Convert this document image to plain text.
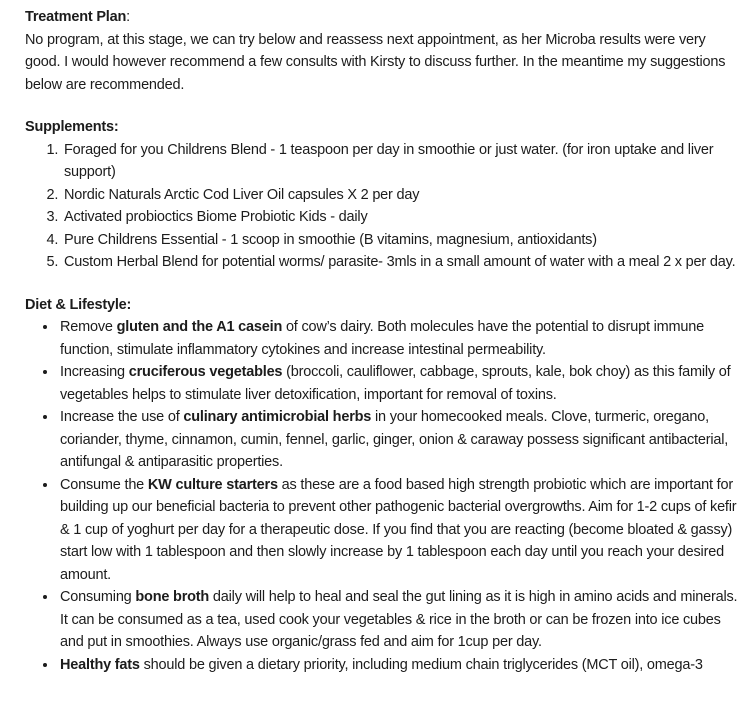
Treatment Plan:

No program, at this stage, we can try below and reassess next appointment, as her Microba results were very good. I would however recommend a few consults with Kirsty to discuss further. In the meantime my suggestions below are recommended.

Supplements:
1. Foraged for you Childrens Blend - 1 teaspoon per day in smoothie or just water. (for iron uptake and liver support)
2. Nordic Naturals Arctic Cod Liver Oil capsules X 2 per day
3. Activated probioctics Biome Probiotic Kids - daily
4. Pure Childrens Essential - 1 scoop in smoothie (B vitamins, magnesium, antioxidants)
5. Custom Herbal Blend for potential worms/ parasite- 3mls in a small amount of water with a meal 2 x per day.
Diet & Lifestyle:
• Remove gluten and the A1 casein of cow’s dairy. Both molecules have the potential to disrupt immune function, stimulate inflammatory cytokines and increase intestinal permeability.
• Increasing cruciferous vegetables (broccoli, cauliflower, cabbage, sprouts, kale, bok choy) as this family of vegetables helps to stimulate liver detoxification, important for removal of toxins.
• Increase the use of culinary antimicrobial herbs in your homecooked meals. Clove, turmeric, oregano, coriander, thyme, cinnamon, cumin, fennel, garlic, ginger, onion & caraway possess significant antibacterial, antifungal & antiparasitic properties.
• Consume the KW culture starters as these are a food based high strength probiotic which are important for building up our beneficial bacteria to prevent other pathogenic bacterial overgrowths. Aim for 1-2 cups of kefir & 1 cup of yoghurt per day for a therapeutic dose. If you find that you are reacting (become bloated & gassy) start low with 1 tablespoon and then slowly increase by 1 tablespoon each day until you reach your desired amount.
• Consuming bone broth daily will help to heal and seal the gut lining as it is high in amino acids and minerals. It can be consumed as a tea, used cook your vegetables & rice in the broth or can be frozen into ice cubes and put in smoothies. Always use organic/grass fed and aim for 1cup per day.
• Healthy fats should be given a dietary priority, including medium chain triglycerides (MCT oil), omega-3
